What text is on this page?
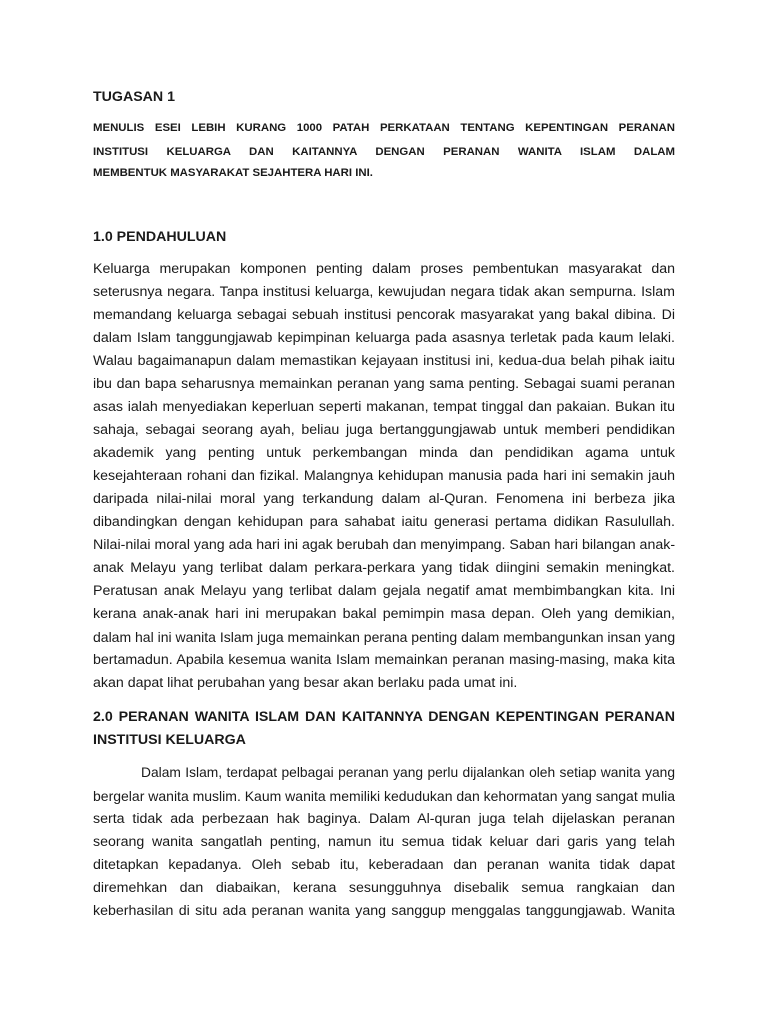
TUGASAN 1
MENULIS ESEI LEBIH KURANG 1000 PATAH PERKATAAN TENTANG KEPENTINGAN PERANAN
INSTITUSI KELUARGA DAN KAITANNYA DENGAN PERANAN WANITA ISLAM DALAM
MEMBENTUK MASYARAKAT SEJAHTERA HARI INI.
1.0 PENDAHULUAN
Keluarga merupakan komponen penting dalam proses pembentukan masyarakat dan
seterusnya negara. Tanpa institusi keluarga, kewujudan negara tidak akan sempurna. Islam
memandang keluarga sebagai sebuah institusi pencorak masyarakat yang bakal dibina. Di
dalam Islam tanggungjawab kepimpinan keluarga pada asasnya terletak pada kaum lelaki.
Walau bagaimanapun dalam memastikan kejayaan institusi ini, kedua-dua belah pihak iaitu
ibu dan bapa seharusnya memainkan peranan yang sama penting. Sebagai suami peranan
asas ialah menyediakan keperluan seperti makanan, tempat tinggal dan pakaian. Bukan itu
sahaja, sebagai seorang ayah, beliau juga bertanggungjawab untuk memberi pendidikan
akademik yang penting untuk perkembangan minda dan pendidikan agama untuk
kesejahteraan rohani dan fizikal. Malangnya kehidupan manusia pada hari ini semakin jauh
daripada nilai-nilai moral yang terkandung dalam al-Quran. Fenomena ini berbeza jika
dibandingkan dengan kehidupan para sahabat iaitu generasi pertama didikan Rasulullah.
Nilai-nilai moral yang ada hari ini agak berubah dan menyimpang. Saban hari bilangan anak-
anak Melayu yang terlibat dalam perkara-perkara yang tidak diingini semakin meningkat.
Peratusan anak Melayu yang terlibat dalam gejala negatif amat membimbangkan kita. Ini
kerana anak-anak hari ini merupakan bakal pemimpin masa depan. Oleh yang demikian,
dalam hal ini wanita Islam juga memainkan perana penting dalam membangunkan insan yang
bertamadun. Apabila kesemua wanita Islam memainkan peranan masing-masing, maka kita
akan dapat lihat perubahan yang besar akan berlaku pada umat ini.
2.0 PERANAN WANITA ISLAM DAN KAITANNYA DENGAN KEPENTINGAN PERANAN
INSTITUSI KELUARGA
Dalam Islam, terdapat pelbagai peranan yang perlu dijalankan oleh setiap wanita yang
bergelar wanita muslim. Kaum wanita memiliki kedudukan dan kehormatan yang sangat mulia
serta tidak ada perbezaan hak baginya. Dalam Al-quran juga telah dijelaskan peranan
seorang wanita sangatlah penting, namun itu semua tidak keluar dari garis yang telah
ditetapkan kepadanya. Oleh sebab itu, keberadaan dan peranan wanita tidak dapat
diremehkan dan diabaikan, kerana sesungguhnya disebalik semua rangkaian dan
keberhasilan di situ ada peranan wanita yang sanggup menggalas tanggungjawab. Wanita
